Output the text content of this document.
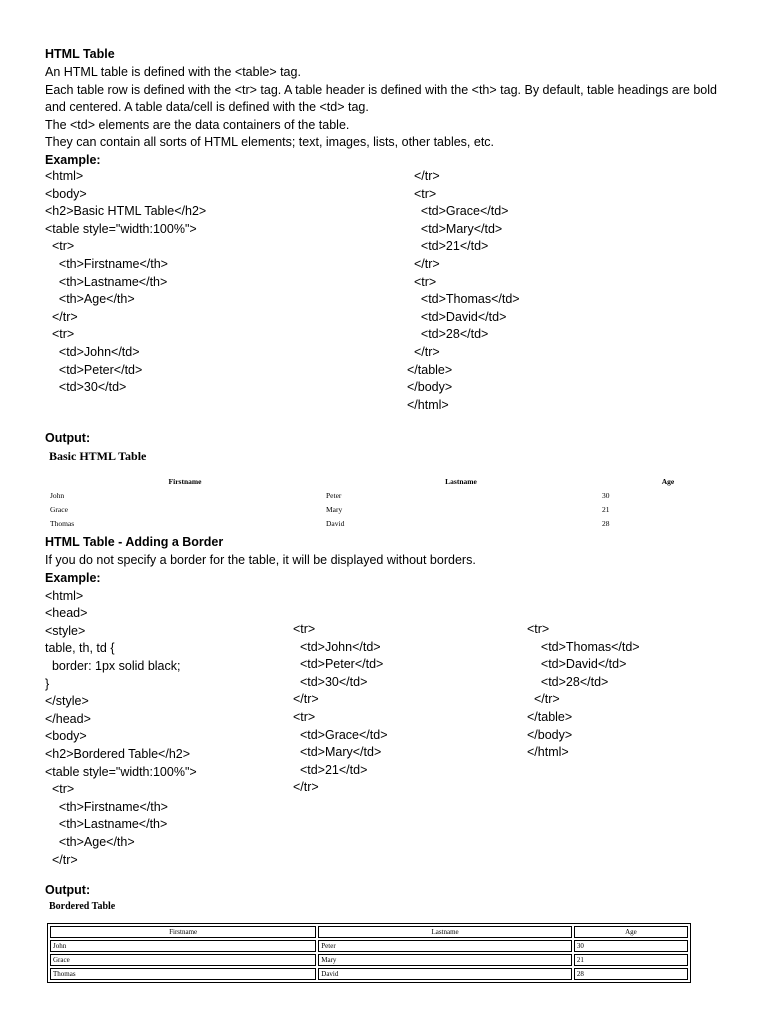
HTML Table
An HTML table is defined with the <table> tag.
Each table row is defined with the <tr> tag. A table header is defined with the <th> tag. By default, table headings are bold and centered. A table data/cell is defined with the <td> tag.
The <td> elements are the data containers of the table.
They can contain all sorts of HTML elements; text, images, lists, other tables, etc.
Example:
<html>
<body>
<h2>Basic HTML Table</h2>
<table style="width:100%">
<tr>
<th>Firstname</th>
<th>Lastname</th>
<th>Age</th>
</tr>
<tr>
<td>John</td>
<td>Peter</td>
<td>30</td>
</tr>
<tr>
<td>Grace</td>
<td>Mary</td>
<td>21</td>
</tr>
<tr>
<td>Thomas</td>
<td>David</td>
<td>28</td>
</tr>
</table>
</body>
</html>
Output:
Basic HTML Table
Firstname	Lastname	Age
John	Peter	30
Grace	Mary	21
Thomas	David	28
HTML Table - Adding a Border
If you do not specify a border for the table, it will be displayed without borders.
Example:
<html>
<head>
<style>
table, th, td {
border: 1px solid black;
}
</style>
</head>
<body>
<h2>Bordered Table</h2>
<table style="width:100%">
<tr>
<th>Firstname</th>
<th>Lastname</th>
<th>Age</th>
</tr>
<tr>
<td>John</td>
<td>Peter</td>
<td>30</td>
</tr>
<tr>
<td>Grace</td>
<td>Mary</td>
<td>21</td>
</tr>
<tr>
<td>Thomas</td>
<td>David</td>
<td>28</td>
</tr>
</table>
</body>
</html>
Output:
Bordered Table
Firstname	Lastname	Age
John	Peter	30
Grace	Mary	21
Thomas	David	28
